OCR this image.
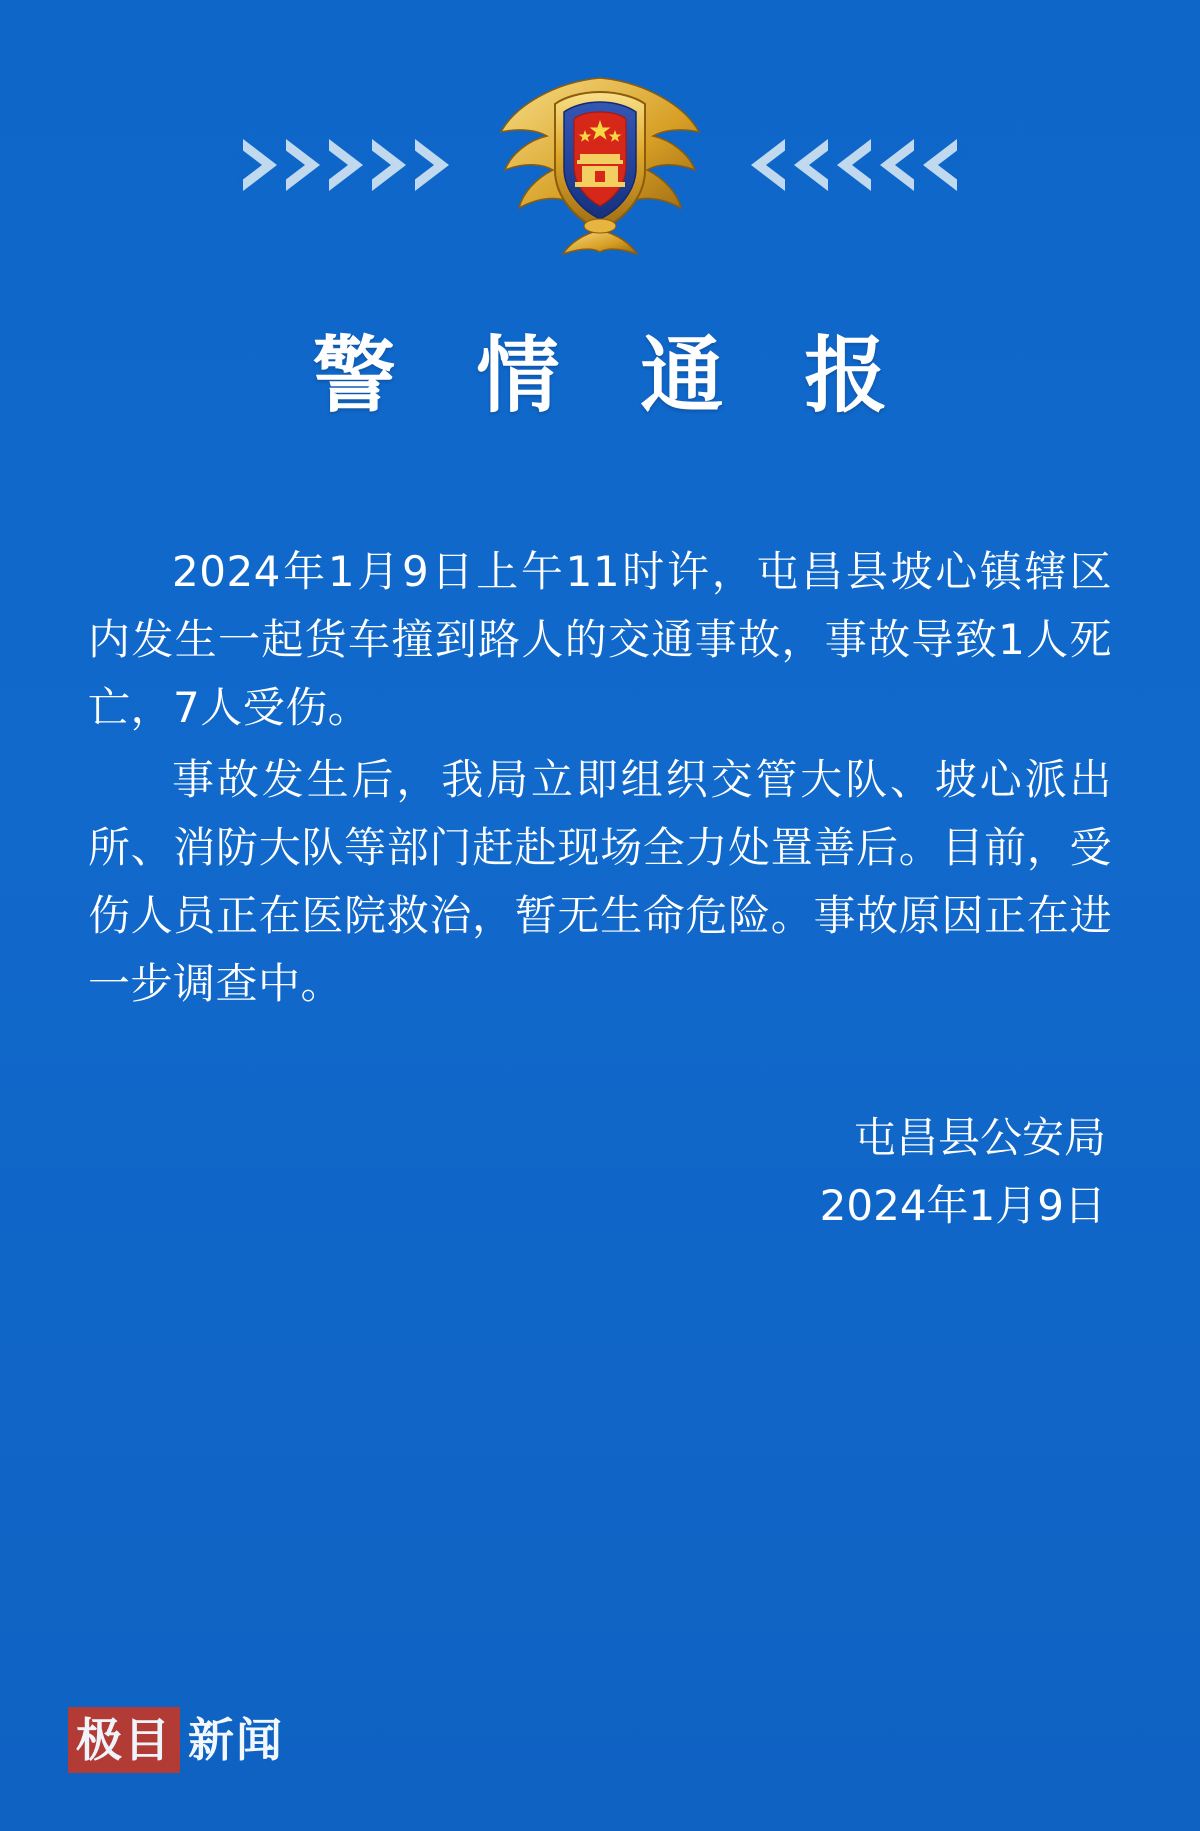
警 情 通 报

2024年1月9日上午11时许，屯昌县坡心镇辖区内发生一起货车撞到路人的交通事故，事故导致1人死亡，7人受伤。

事故发生后，我局立即组织交管大队、坡心派出所、消防大队等部门赶赴现场全力处置善后。目前，受伤人员正在医院救治，暂无生命危险。事故原因正在进一步调查中。

屯昌县公安局
2024年1月9日
极目 新闻
